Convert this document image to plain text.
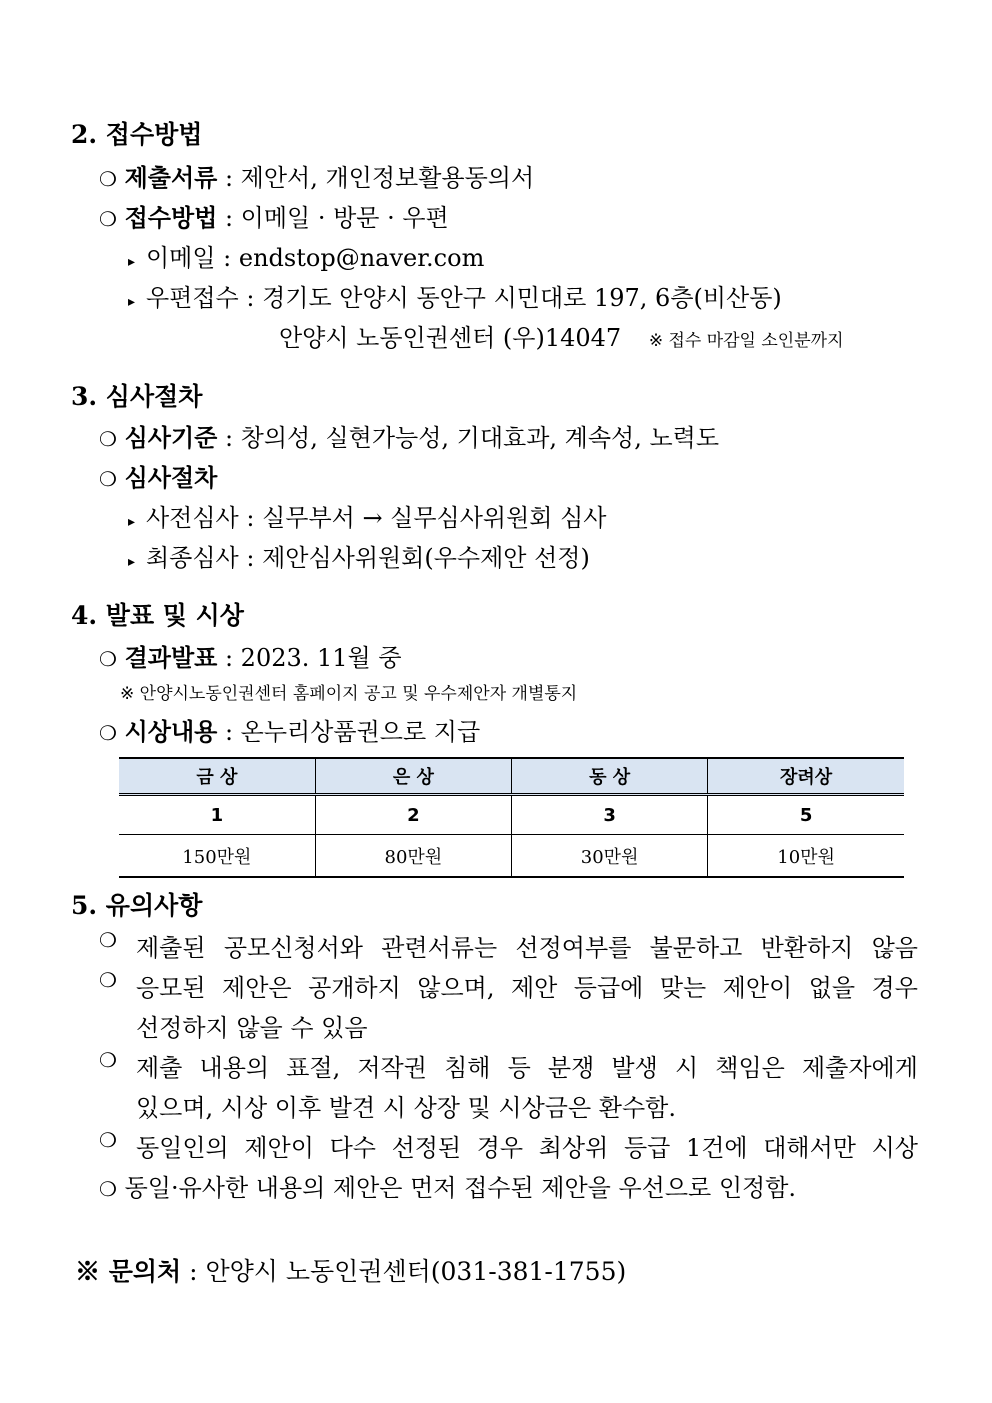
2. 접수방법
❍ 제출서류 : 제안서, 개인정보활용동의서
❍ 접수방법 : 이메일 · 방문 · 우편
▸ 이메일 : endstop@naver.com
▸ 우편접수 : 경기도 안양시 동안구 시민대로 197, 6층(비산동)
안양시 노동인권센터 (우)14047 ※ 접수 마감일 소인분까지
3. 심사절차
❍ 심사기준 : 창의성, 실현가능성, 기대효과, 계속성, 노력도
❍ 심사절차
▸ 사전심사 : 실무부서 → 실무심사위원회 심사
▸ 최종심사 : 제안심사위원회(우수제안 선정)
4. 발표 및 시상
❍ 결과발표 : 2023. 11월 중
※ 안양시노동인권센터 홈페이지 공고 및 우수제안자 개별통지
❍ 시상내용 : 온누리상품권으로 지급
금 상	은 상	동 상	장려상
1	2	3	5
150만원	80만원	30만원	10만원
5. 유의사항
❍ 제출된 공모신청서와 관련서류는 선정여부를 불문하고 반환하지 않음
❍ 응모된 제안은 공개하지 않으며, 제안 등급에 맞는 제안이 없을 경우
선정하지 않을 수 있음
❍ 제출 내용의 표절, 저작권 침해 등 분쟁 발생 시 책임은 제출자에게
있으며, 시상 이후 발견 시 상장 및 시상금은 환수함.
❍ 동일인의 제안이 다수 선정된 경우 최상위 등급 1건에 대해서만 시상
❍ 동일·유사한 내용의 제안은 먼저 접수된 제안을 우선으로 인정함.
※ 문의처 : 안양시 노동인권센터(031-381-1755)
